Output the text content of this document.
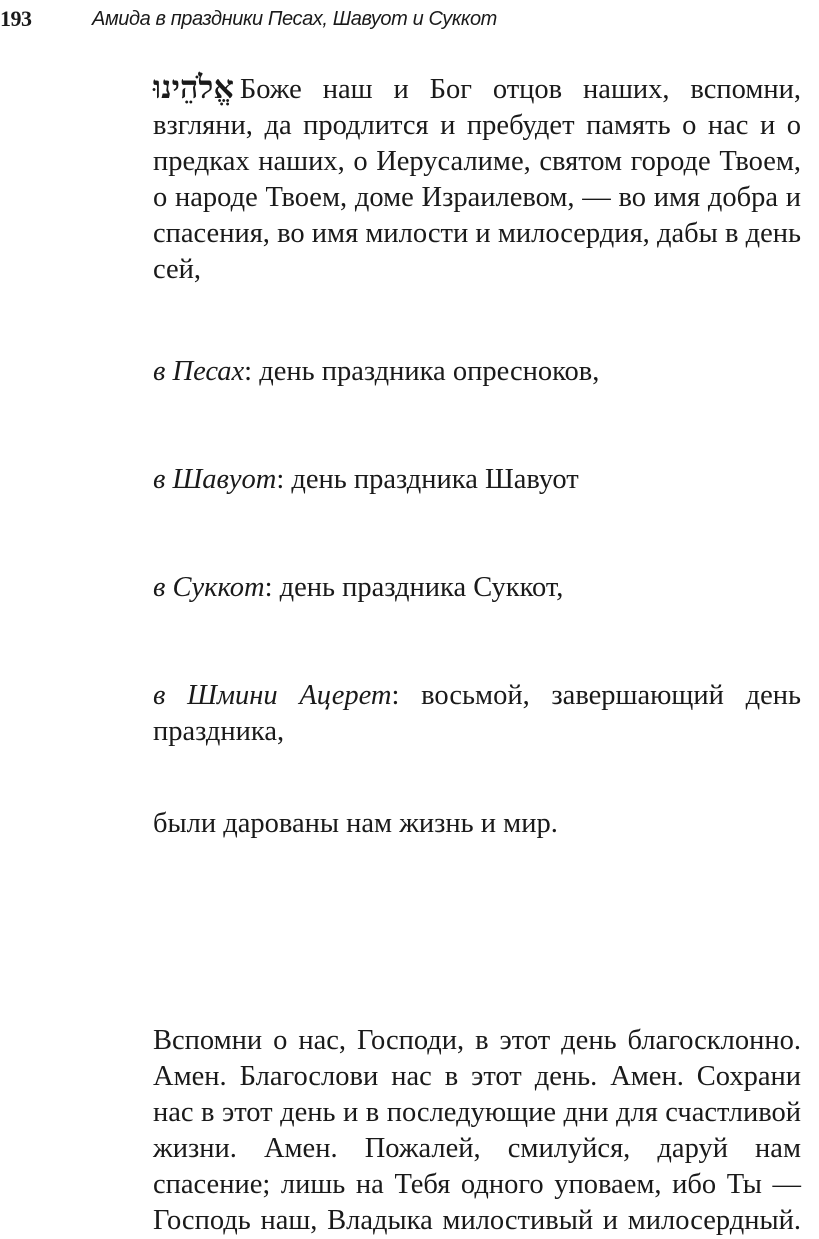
193	Амида в праздники Песах, Шавуот и Суккот
אֱלֹהֵינוּ Боже наш и Бог отцов наших, вспомни, взгляни, да продлится и пребудет память о нас и о предках наших, о Иерусалиме, святом городе Твоем, о народе Твоем, доме Израилевом, — во имя добра и спасения, во имя милости и милосердия, дабы в день сей,
в Песах: день праздника опресноков,
в Шавуот: день праздника Шавуот
в Суккот: день праздника Суккот,
в Шмини Ацерет: восьмой, завершающий день праздника,
были дарованы нам жизнь и мир.
Вспомни о нас, Господи, в этот день благосклонно. Амен. Благослови нас в этот день. Амен. Сохрани нас в этот день и в последующие дни для счастливой жизни. Амен. Пожалей, смилуйся, даруй нам спасение; лишь на Тебя одного уповаем, ибо Ты — Господь наш, Владыка милостивый и милосердный.
